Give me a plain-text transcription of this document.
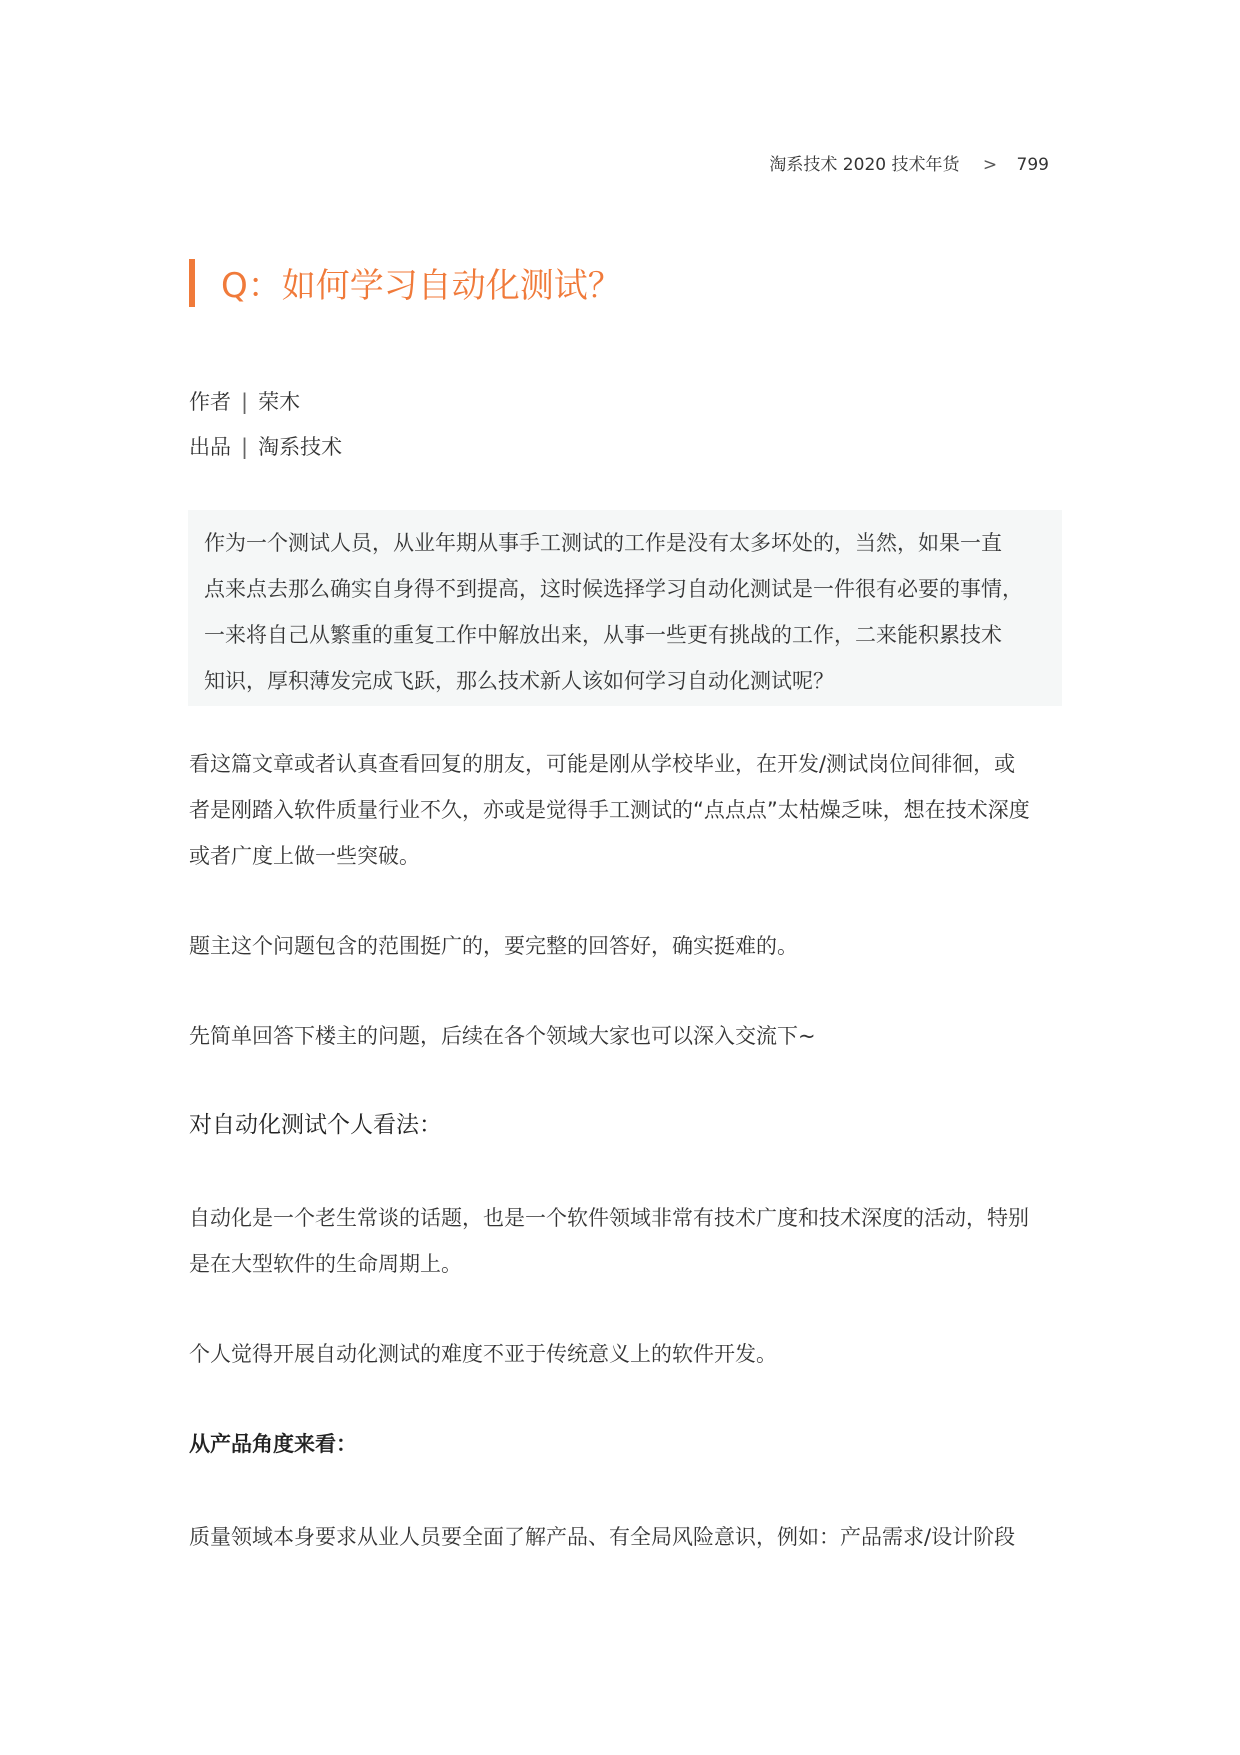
淘系技术 2020 技术年货 > 799
Q：如何学习自动化测试？
作者 | 荣木
出品 | 淘系技术

作为一个测试人员，从业年期从事手工测试的工作是没有太多坏处的，当然，如果一直

点来点去那么确实自身得不到提高，这时候选择学习自动化测试是一件很有必要的事情，

一来将自己从繁重的重复工作中解放出来，从事一些更有挑战的工作，二来能积累技术

知识，厚积薄发完成飞跃，那么技术新人该如何学习自动化测试呢？

看这篇文章或者认真查看回复的朋友，可能是刚从学校毕业，在开发/测试岗位间徘徊，或
者是刚踏入软件质量行业不久，亦或是觉得手工测试的“点点点”太枯燥乏味，想在技术深度
或者广度上做一些突破。
题主这个问题包含的范围挺广的，要完整的回答好，确实挺难的。
先简单回答下楼主的问题，后续在各个领域大家也可以深入交流下~
对自动化测试个人看法：
自动化是一个老生常谈的话题，也是一个软件领域非常有技术广度和技术深度的活动，特别
是在大型软件的生命周期上。
个人觉得开展自动化测试的难度不亚于传统意义上的软件开发。
从产品角度来看：
质量领域本身要求从业人员要全面了解产品、有全局风险意识，例如：产品需求/设计阶段
